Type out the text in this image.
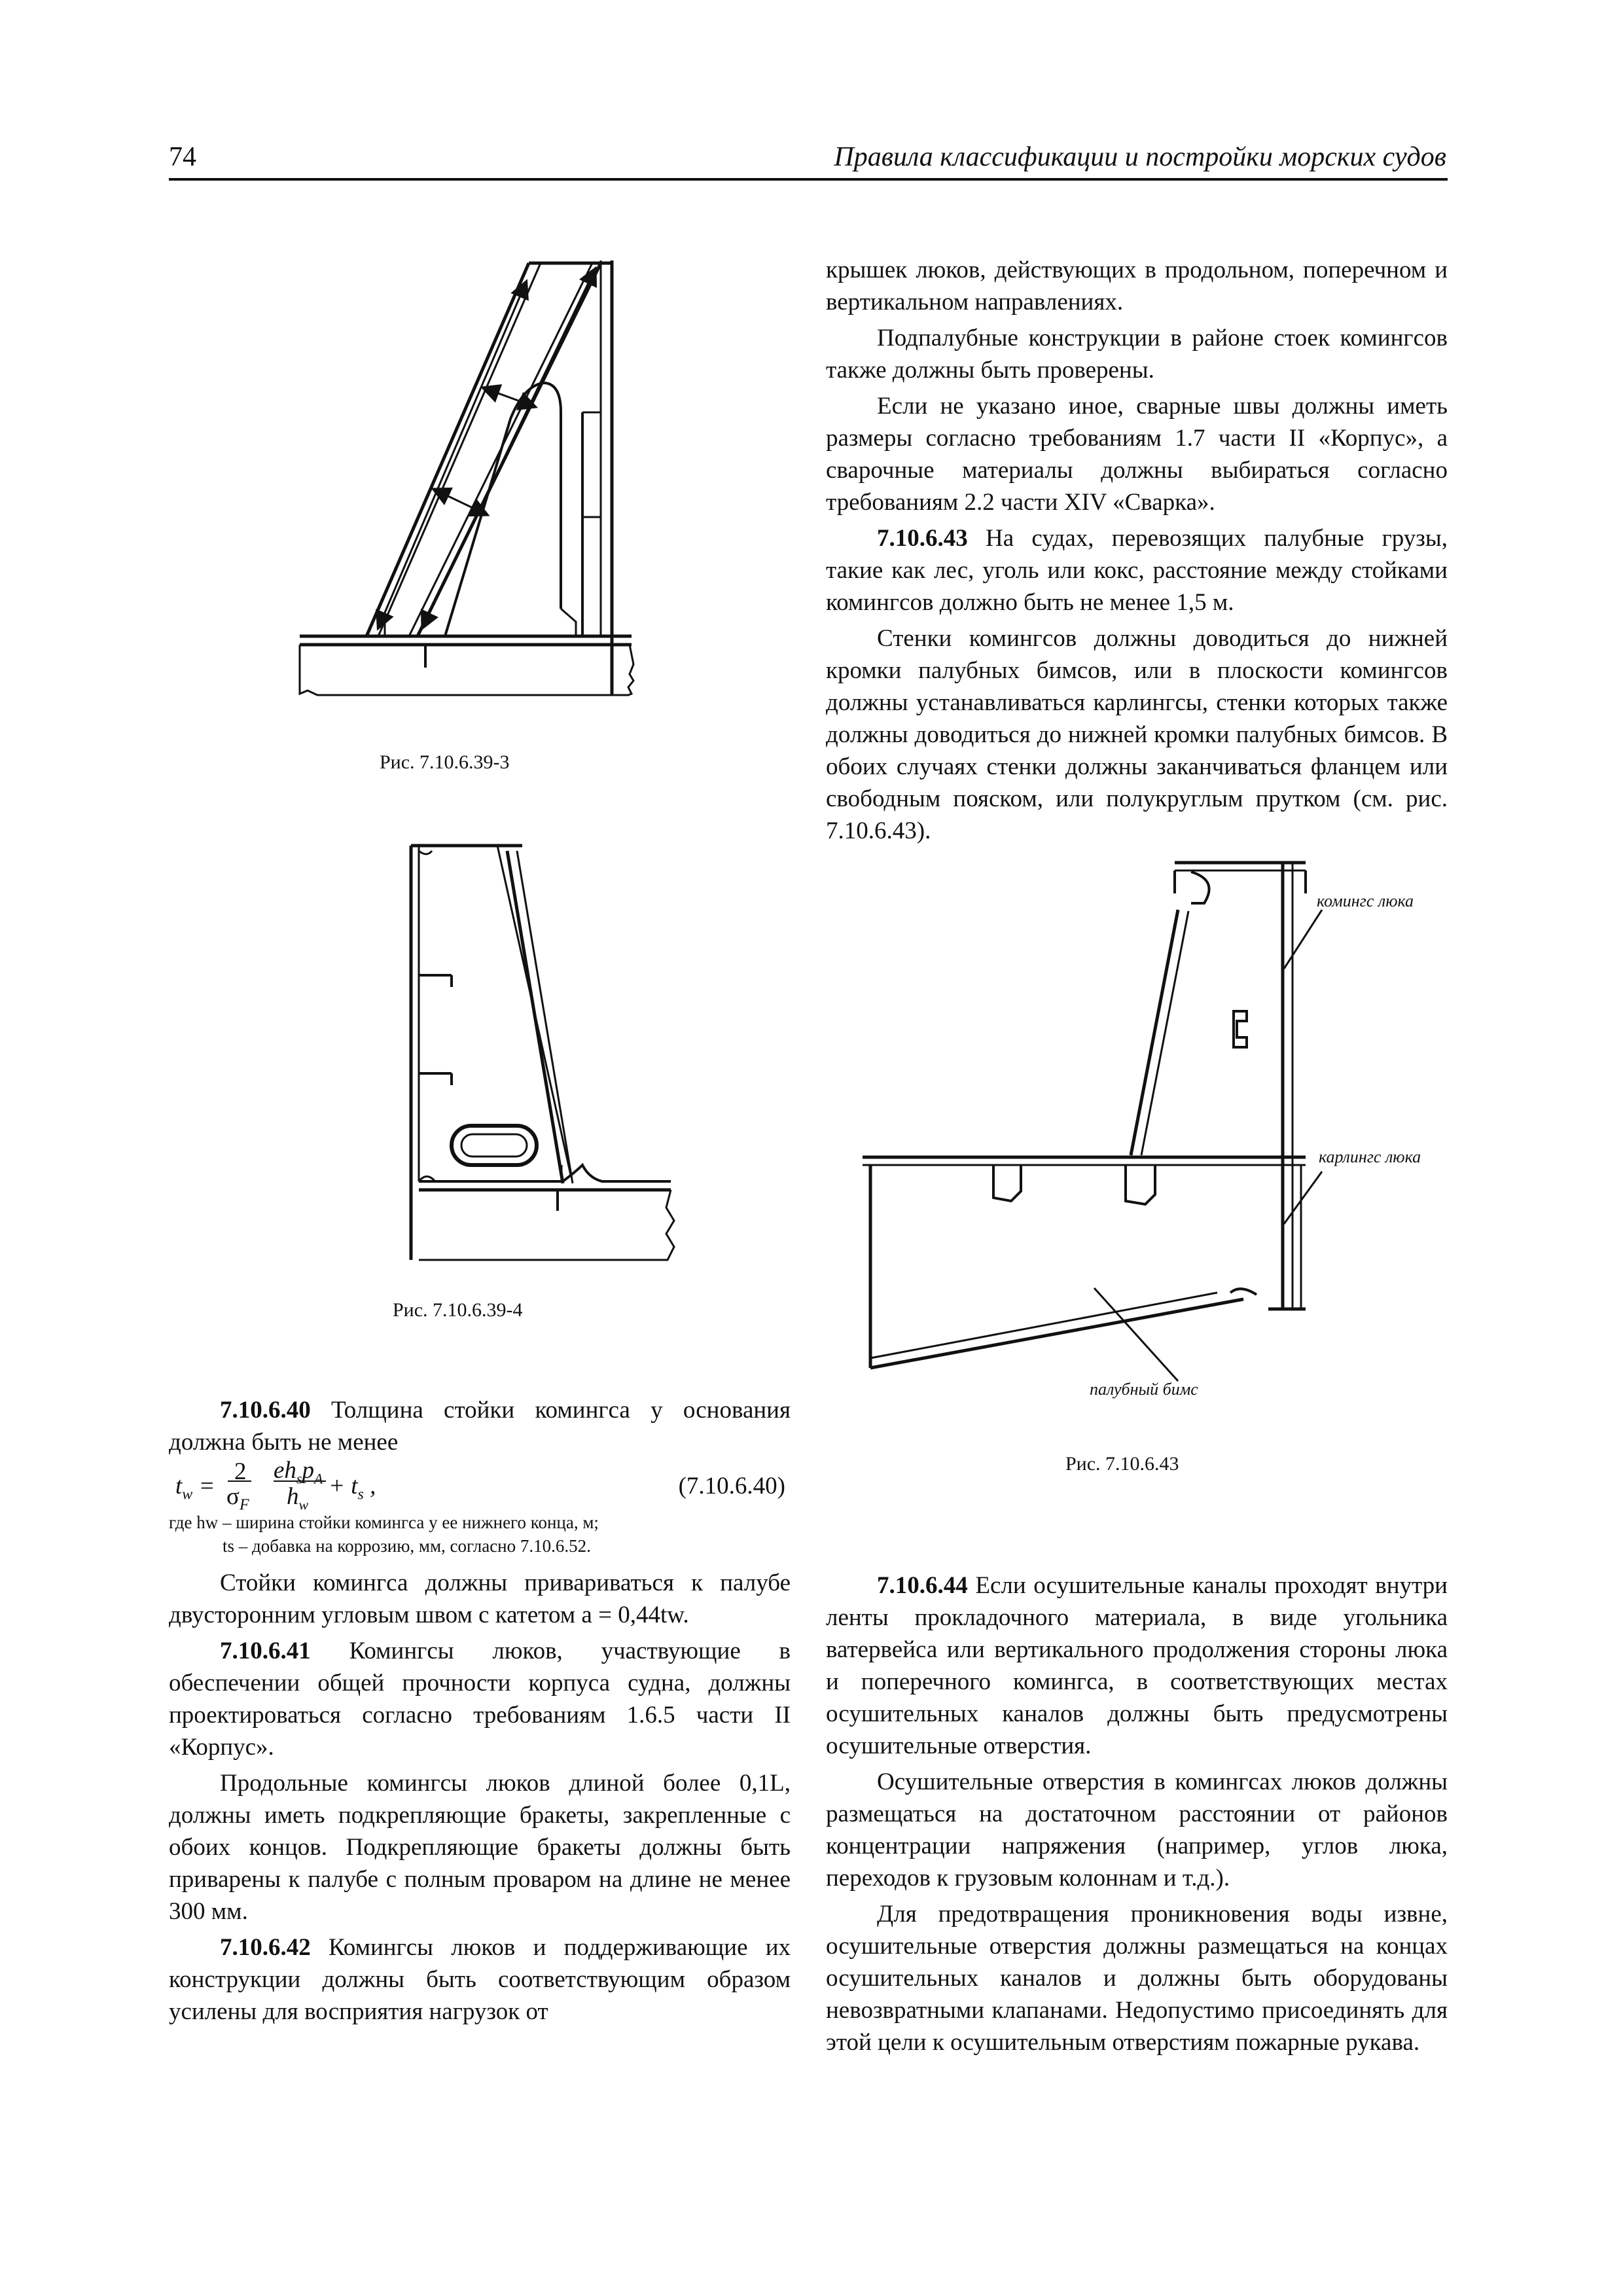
74	Правила классификации и постройки морских судов
Рис. 7.10.6.39-3
Рис. 7.10.6.39-4
Рис. 7.10.6.43
комингс люка
карлингс люка
палубный бимс

7.10.6.40 Толщина стойки комингса у основания должна быть не менее

$t_w$ =
2
$\sigma_F$
$eh_sp_A$
$h_w$
+ $t_s$ ,	(7.10.6.40)
где hw – ширина стойки комингса у ее нижнего конца, м;
ts – добавка на коррозию, мм, согласно 7.10.6.52.

Стойки комингса должны привариваться к палубе двусторонним угловым швом с катетом a = 0,44tw.

7.10.6.41 Комингсы люков, участвующие в обеспечении общей прочности корпуса судна, должны проектироваться согласно требованиям 1.6.5 части II «Корпус».

Продольные комингсы люков длиной более 0,1L, должны иметь подкрепляющие бракеты, закрепленные с обоих концов. Подкрепляющие бракеты должны быть приварены к палубе с полным проваром на длине не менее 300 мм.

7.10.6.42 Комингсы люков и поддерживающие их конструкции должны быть соответствующим образом усилены для восприятия нагрузок от

крышек люков, действующих в продольном, поперечном и вертикальном направлениях.

Подпалубные конструкции в районе стоек комингсов также должны быть проверены.

Если не указано иное, сварные швы должны иметь размеры согласно требованиям 1.7 части II «Корпус», а сварочные материалы должны выбираться согласно требованиям 2.2 части XIV «Сварка».

7.10.6.43 На судах, перевозящих палубные грузы, такие как лес, уголь или кокс, расстояние между стойками комингсов должно быть не менее 1,5 м.

Стенки комингсов должны доводиться до нижней кромки палубных бимсов, или в плоскости комингсов должны устанавливаться карлингсы, стенки которых также должны доводиться до нижней кромки палубных бимсов. В обоих случаях стенки должны заканчиваться фланцем или свободным пояском, или полукруглым прутком (см. рис. 7.10.6.43).

7.10.6.44 Если осушительные каналы проходят внутри ленты прокладочного материала, в виде угольника ватервейса или вертикального продолжения стороны люка и поперечного комингса, в соответствующих местах осушительных каналов должны быть предусмотрены осушительные отверстия.

Осушительные отверстия в комингсах люков должны размещаться на достаточном расстоянии от районов концентрации напряжения (например, углов люка, переходов к грузовым колоннам и т.д.).

Для предотвращения проникновения воды извне, осушительные отверстия должны размещаться на концах осушительных каналов и должны быть оборудованы невозвратными клапанами. Недопустимо присоединять для этой цели к осушительным отверстиям пожарные рукава.
